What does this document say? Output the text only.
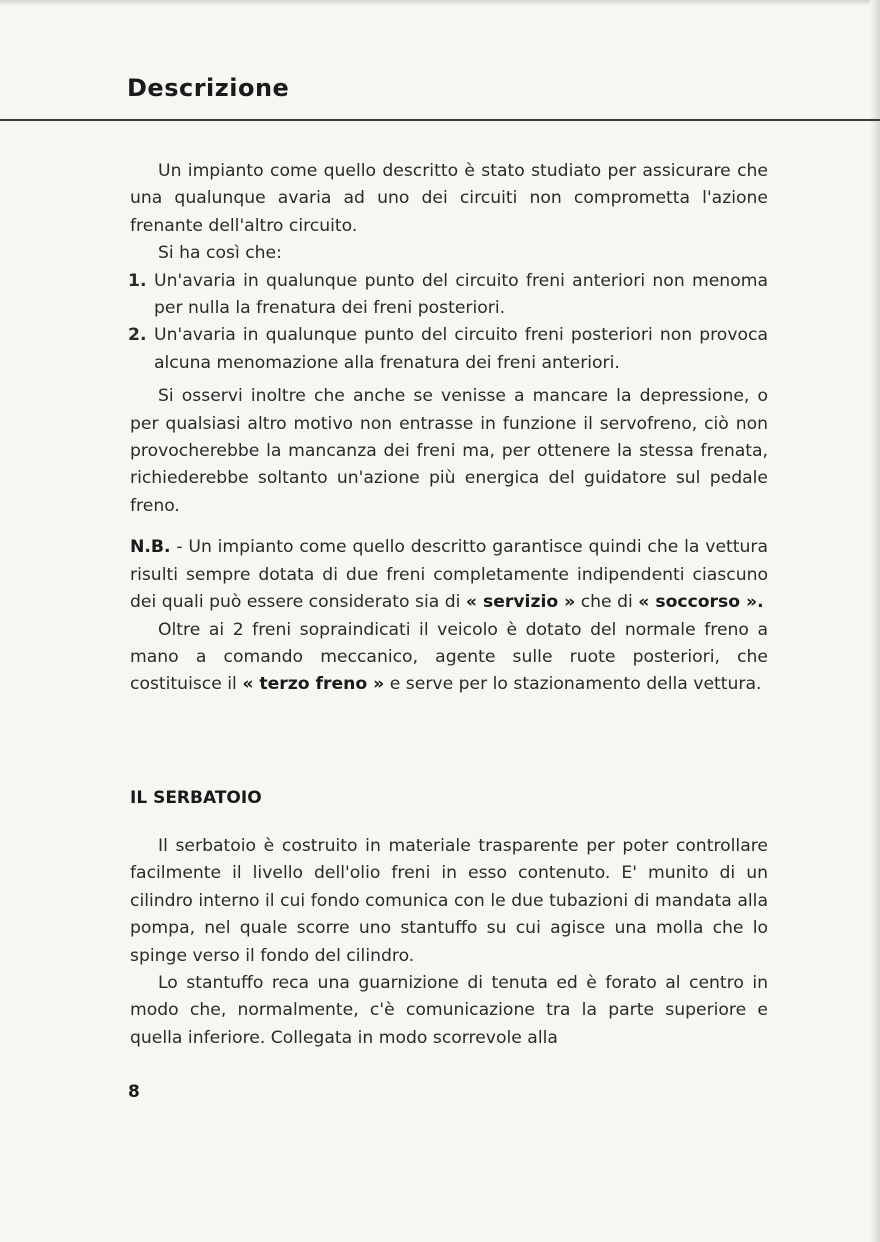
Descrizione

Un impianto come quello descritto è stato studiato per assicurare che una qualunque avaria ad uno dei circuiti non comprometta l'azione frenante dell'altro circuito.

Si ha così che:

1. Un'avaria in qualunque punto del circuito freni anteriori non menoma per nulla la frenatura dei freni posteriori.
2. Un'avaria in qualunque punto del circuito freni posteriori non provoca alcuna menomazione alla frenatura dei freni anteriori.

Si osservi inoltre che anche se venisse a mancare la depressione, o per qualsiasi altro motivo non entrasse in funzione il servofreno, ciò non provocherebbe la mancanza dei freni ma, per ottenere la stessa frenata, richiederebbe soltanto un'azione più energica del guidatore sul pedale freno.

N.B. - Un impianto come quello descritto garantisce quindi che la vettura risulti sempre dotata di due freni completamente indipendenti ciascuno dei quali può essere considerato sia di « servizio » che di « soccorso ».

Oltre ai 2 freni sopraindicati il veicolo è dotato del normale freno a mano a comando meccanico, agente sulle ruote posteriori, che costituisce il « terzo freno » e serve per lo stazionamento della vettura.

IL SERBATOIO

Il serbatoio è costruito in materiale trasparente per poter controllare facilmente il livello dell'olio freni in esso contenuto. E' munito di un cilindro interno il cui fondo comunica con le due tubazioni di mandata alla pompa, nel quale scorre uno stantuffo su cui agisce una molla che lo spinge verso il fondo del cilindro.

Lo stantuffo reca una guarnizione di tenuta ed è forato al centro in modo che, normalmente, c'è comunicazione tra la parte superiore e quella inferiore. Collegata in modo scorrevole alla

8
